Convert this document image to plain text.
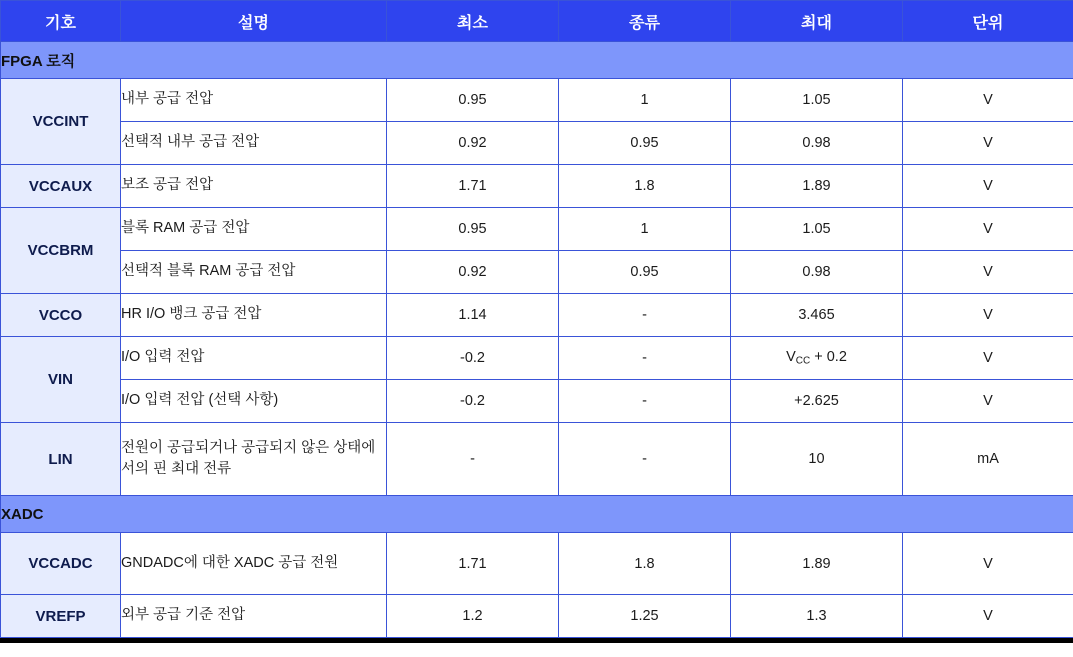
기호	설명	최소	종류	최대	단위
FPGA 로직					
VCCINT	내부 공급 전압	0.95	1	1.05	V
	선택적 내부 공급 전압	0.92	0.95	0.98	V
VCCAUX	보조 공급 전압	1.71	1.8	1.89	V
VCCBRM	블록 RAM 공급 전압	0.95	1	1.05	V
	선택적 블록 RAM 공급 전압	0.92	0.95	0.98	V
VCCO	HR I/O 뱅크 공급 전압	1.14	-	3.465	V
VIN	I/O 입력 전압	-0.2	-	$V_{CC} + 0.2$	V
	I/O 입력 전압 (선택 사항)	-0.2	-	+2.625	V
LIN	전원이 공급되거나 공급되지 않은 상태에서의 핀 최대 전류	-	-	10	mA
XADC					
VCCADC	GNDADC에 대한 XADC 공급 전원	1.71	1.8	1.89	V
VREFP	외부 공급 기준 전압	1.2	1.25	1.3	V
